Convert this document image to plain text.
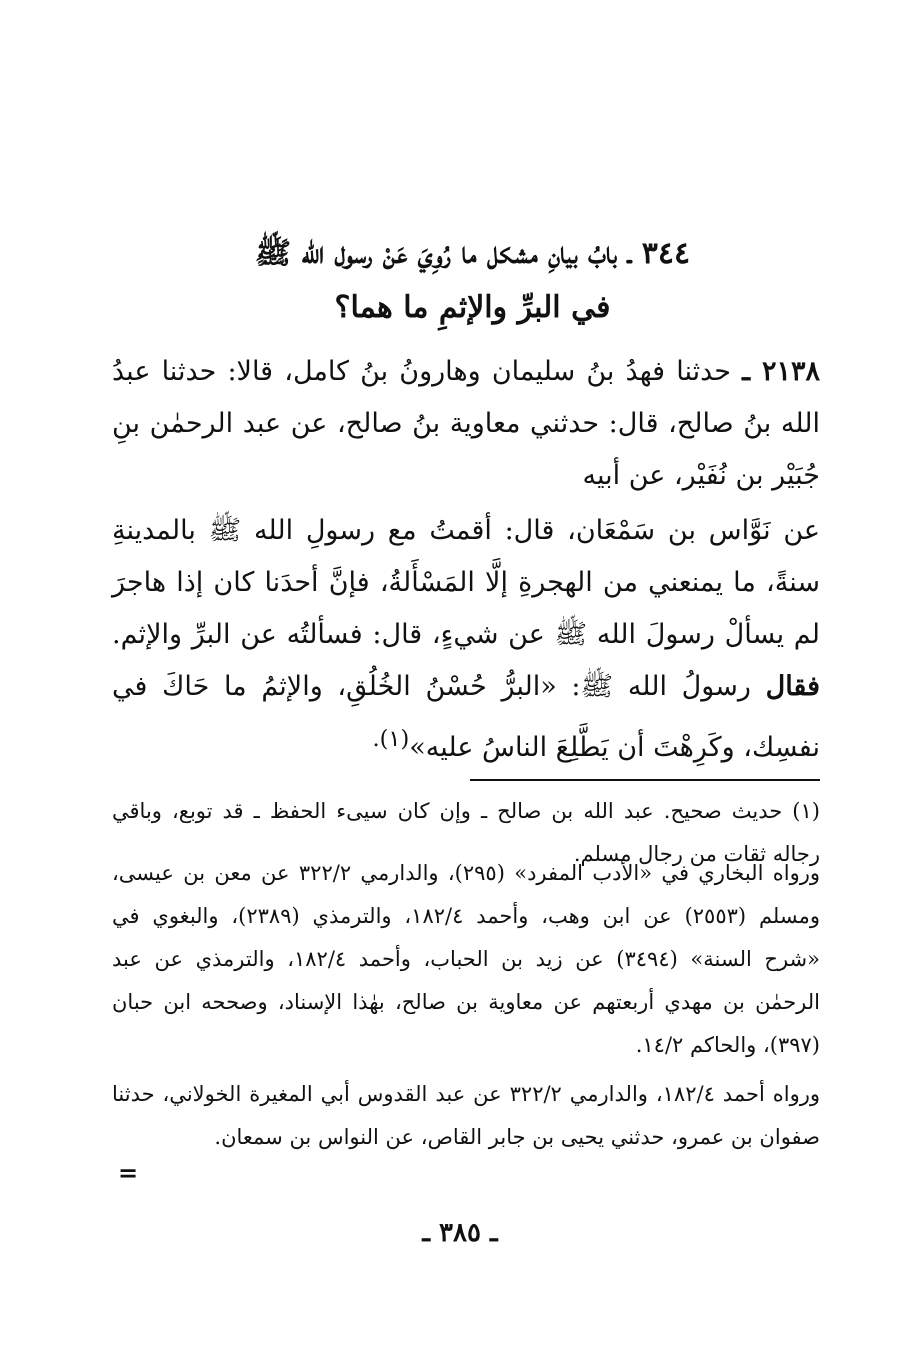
٣٤٤ ـ بابُ بيانِ مشكل ما رُوِيَ عَنْ رسول الله ﷺ
في البرِّ والإثمِ ما هما؟
٢١٣٨ ـ حدثنا فهدُ بنُ سليمان وهارونُ بنُ كامل، قالا: حدثنا عبدُ الله بنُ صالح، قال: حدثني معاوية بنُ صالح، عن عبد الرحمٰن بنِ جُبَيْر بن نُفَيْر، عن أبيه
عن نَوَّاس بن سَمْعَان، قال: أقمتُ مع رسولِ الله ﷺ بالمدينةِ سنةً، ما يمنعني من الهجرةِ إلَّا المَسْأَلةُ، فإنَّ أحدَنا كان إذا هاجرَ لم يسألْ رسولَ الله ﷺ عن شيءٍ، قال: فسألتُه عن البرِّ والإثم. فقال رسولُ الله ﷺ: «البرُّ حُسْنُ الخُلُقِ، والإثمُ ما حَاكَ في نفسِك، وكَرِهْتَ أن يَطَّلِعَ الناسُ عليه»$^{(١).}$
(١) حديث صحيح. عبد الله بن صالح ـ وإن كان سيىء الحفظ ـ قد توبع، وباقي رجاله ثقات من رجال مسلم.
ورواه البخاري في «الأدب المفرد» (٢٩٥)، والدارمي ٣٢٢/٢ عن معن بن عيسى، ومسلم (٢٥٥٣) عن ابن وهب، وأحمد ١٨٢/٤، والترمذي (٢٣٨٩)، والبغوي في «شرح السنة» (٣٤٩٤) عن زيد بن الحباب، وأحمد ١٨٢/٤، والترمذي عن عبد الرحمٰن بن مهدي أربعتهم عن معاوية بن صالح، بهٰذا الإسناد، وصححه ابن حبان (٣٩٧)، والحاكم ١٤/٢.
ورواه أحمد ١٨٢/٤، والدارمي ٣٢٢/٢ عن عبد القدوس أبي المغيرة الخولاني، حدثنا صفوان بن عمرو، حدثني يحيى بن جابر القاص، عن النواس بن سمعان.
=
ـ ٣٨٥ ـ
